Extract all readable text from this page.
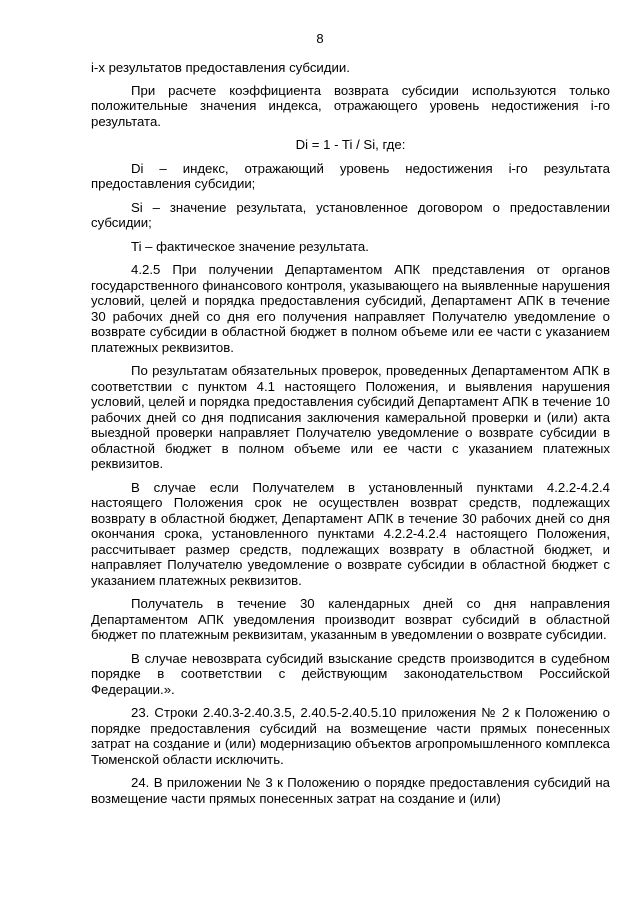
8

i-х результатов предоставления субсидии.

При расчете коэффициента возврата субсидии используются только положительные значения индекса, отражающего уровень недостижения i-го результата.

Di = 1 - Ti / Si, где:

Di – индекс, отражающий уровень недостижения i-го результата предоставления субсидии;

Si – значение результата, установленное договором о предоставлении субсидии;

Ti – фактическое значение результата.

4.2.5 При получении Департаментом АПК представления от органов государственного финансового контроля, указывающего на выявленные нарушения условий, целей и порядка предоставления субсидий, Департамент АПК в течение 30 рабочих дней со дня его получения направляет Получателю уведомление о возврате субсидии в областной бюджет в полном объеме или ее части с указанием платежных реквизитов.

По результатам обязательных проверок, проведенных Департаментом АПК в соответствии с пунктом 4.1 настоящего Положения, и выявления нарушения условий, целей и порядка предоставления субсидий Департамент АПК в течение 10 рабочих дней со дня подписания заключения камеральной проверки и (или) акта выездной проверки направляет Получателю уведомление о возврате субсидии в областной бюджет в полном объеме или ее части с указанием платежных реквизитов.

В случае если Получателем в установленный пунктами 4.2.2-4.2.4 настоящего Положения срок не осуществлен возврат средств, подлежащих возврату в областной бюджет, Департамент АПК в течение 30 рабочих дней со дня окончания срока, установленного пунктами 4.2.2-4.2.4 настоящего Положения, рассчитывает размер средств, подлежащих возврату в областной бюджет, и направляет Получателю уведомление о возврате субсидии в областной бюджет с указанием платежных реквизитов.

Получатель в течение 30 календарных дней со дня направления Департаментом АПК уведомления производит возврат субсидий в областной бюджет по платежным реквизитам, указанным в уведомлении о возврате субсидии.

В случае невозврата субсидий взыскание средств производится в судебном порядке в соответствии с действующим законодательством Российской Федерации.».

23. Строки 2.40.3-2.40.3.5, 2.40.5-2.40.5.10 приложения № 2 к Положению о порядке предоставления субсидий на возмещение части прямых понесенных затрат на создание и (или) модернизацию объектов агропромышленного комплекса Тюменской области исключить.

24. В приложении № 3 к Положению о порядке предоставления субсидий на возмещение части прямых понесенных затрат на создание и (или)
